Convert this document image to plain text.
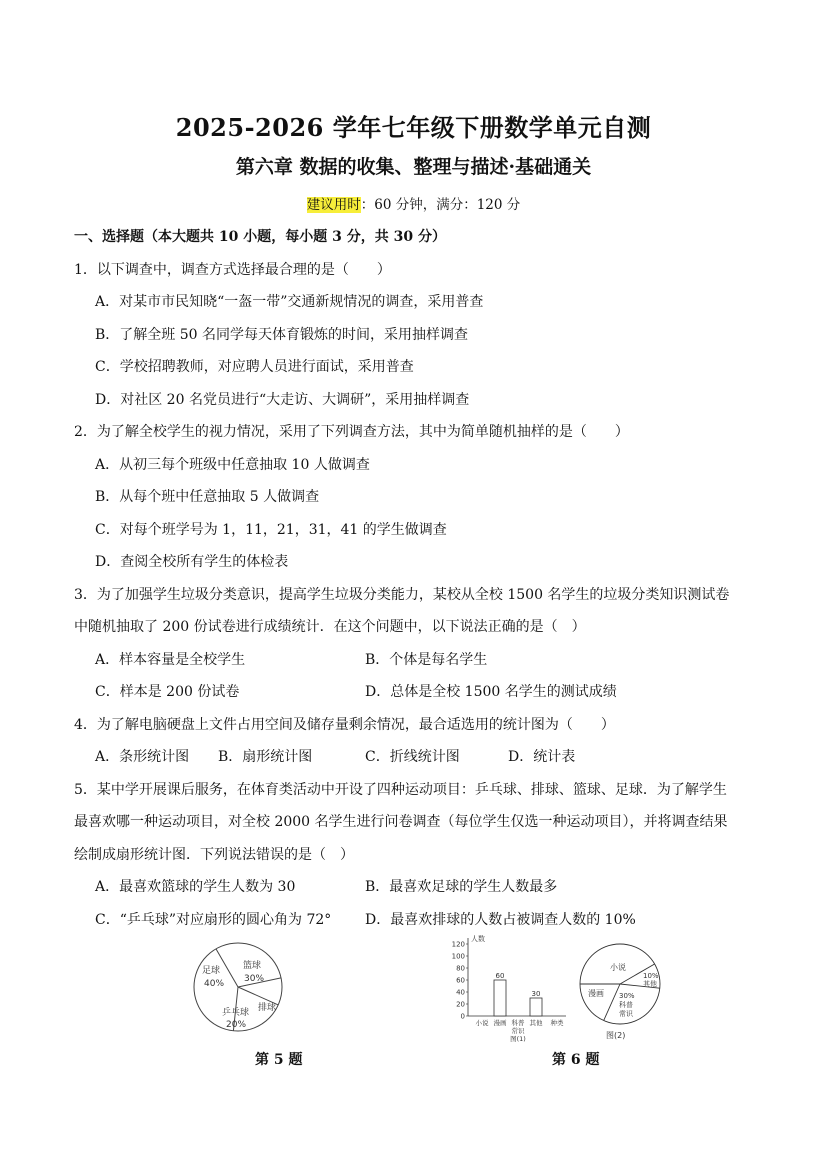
2025-2026 学年七年级下册数学单元自测
第六章 数据的收集、整理与描述·基础通关
建议用时：60 分钟，满分：120 分
一、选择题（本大题共 10 小题，每小题 3 分，共 30 分）
1．以下调查中，调查方式选择最合理的是（　　）
A．对某市市民知晓“一盔一带”交通新规情况的调查，采用普查
B．了解全班 50 名同学每天体育锻炼的时间，采用抽样调查
C．学校招聘教师，对应聘人员进行面试，采用普查
D．对社区 20 名党员进行“大走访、大调研”，采用抽样调查
2．为了解全校学生的视力情况，采用了下列调查方法，其中为简单随机抽样的是（　　）
A．从初三每个班级中任意抽取 10 人做调查
B．从每个班中任意抽取 5 人做调查
C．对每个班学号为 1，11，21，31，41 的学生做调查
D．查阅全校所有学生的体检表
3．为了加强学生垃圾分类意识，提高学生垃圾分类能力，某校从全校 1500 名学生的垃圾分类知识测试卷
中随机抽取了 200 份试卷进行成绩统计．在这个问题中，以下说法正确的是（　）
A．样本容量是全校学生	B．个体是每名学生
C．样本是 200 份试卷	D．总体是全校 1500 名学生的测试成绩
4．为了解电脑硬盘上文件占用空间及储存量剩余情况，最合适选用的统计图为（　　）
A．条形统计图 B．扇形统计图	C．折线统计图	D．统计表
5．某中学开展课后服务，在体育类活动中开设了四种运动项目：乒乓球、排球、篮球、足球．为了解学生
最喜欢哪一种运动项目，对全校 2000 名学生进行问卷调查（每位学生仅选一种运动项目），并将调查结果
绘制成扇形统计图．下列说法错误的是（　）
A．最喜欢篮球的学生人数为 30	B．最喜欢足球的学生人数最多
C．“乒乓球”对应扇形的圆心角为 72° D．最喜欢排球的人数占被调查人数的 10%
足球
40%
篮球
30%
排球
乒乓球
20%
第 5 题
120
100
80
60
40
20
0
人数
60
30
小说 漫画 科普
常识
其他 种类
图(1)
小说
漫画
10%
其他
30%
科普
常识
图(2)
第 6 题
